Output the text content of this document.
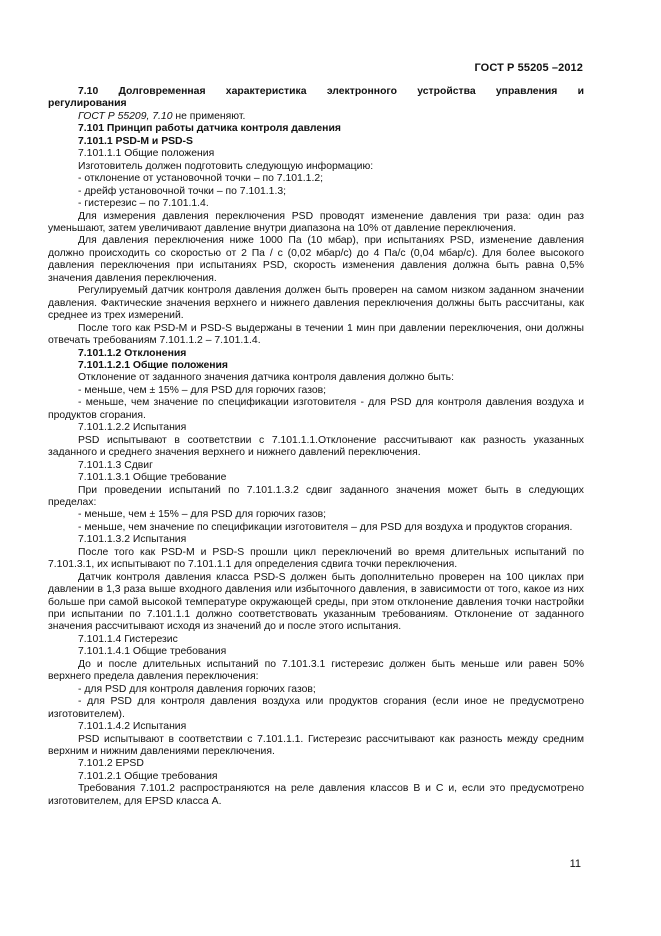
ГОСТ Р 55205 –2012
7.10 Долговременная характеристика электронного устройства управления и

регулирования

ГОСТ Р 55209, 7.10 не применяют.

7.101 Принцип работы датчика контроля давления

7.101.1 PSD-M и PSD-S

7.101.1.1 Общие положения

Изготовитель должен подготовить следующую информацию:

- отклонение от установочной точки – по 7.101.1.2;

- дрейф установочной точки – по 7.101.1.3;

- гистерезис – по 7.101.1.4.

Для измерения давления переключения PSD проводят изменение давления три раза: один раз уменьшают, затем увеличивают давление внутри диапазона на 10% от давление переключения.

Для давления переключения ниже 1000 Па (10 мбар), при испытаниях PSD, изменение давления должно происходить со скоростью от 2 Па / с (0,02 мбар/с) до 4 Па/с (0,04 мбар/с). Для более высокого давления переключения при испытаниях PSD, скорость изменения давления должна быть равна 0,5% значения давления переключения.

Регулируемый датчик контроля давления должен быть проверен на самом низком заданном значении давления. Фактические значения верхнего и нижнего давления переключения должны быть рассчитаны, как среднее из трех измерений.

После того как PSD-M и PSD-S выдержаны в течении 1 мин при давлении переключения, они должны отвечать требованиям 7.101.1.2 – 7.101.1.4.

7.101.1.2 Отклонения

7.101.1.2.1 Общие положения

Отклонение от заданного значения датчика контроля давления должно быть:

- меньше, чем ± 15% – для PSD для горючих газов;

- меньше, чем значение по спецификации изготовителя - для PSD для контроля давления воздуха и продуктов сгорания.

7.101.1.2.2 Испытания

PSD испытывают в соответствии с 7.101.1.1.Отклонение рассчитывают как разность указанных заданного и среднего значения верхнего и нижнего давлений переключения.

7.101.1.3 Сдвиг

7.101.1.3.1 Общие требование

При проведении испытаний по 7.101.1.3.2 сдвиг заданного значения может быть в следующих пределах:

- меньше, чем ± 15% – для PSD для горючих газов;

- меньше, чем значение по спецификации изготовителя – для PSD для воздуха и продуктов сгорания.

7.101.1.3.2 Испытания

После того как PSD-M и PSD-S прошли цикл переключений во время длительных испытаний по 7.101.3.1, их испытывают по 7.101.1.1 для определения сдвига точки переключения.

Датчик контроля давления класса PSD-S должен быть дополнительно проверен на 100 циклах при давлении в 1,3 раза выше входного давления или избыточного давления, в зависимости от того, какое из них больше при самой высокой температуре окружающей среды, при этом отклонение давления точки настройки при испытании по 7.101.1.1 должно соответствовать указанным требованиям. Отклонение от заданного значения рассчитывают исходя из значений до и после этого испытания.

7.101.1.4 Гистерезис

7.101.1.4.1 Общие требования

До и после длительных испытаний по 7.101.3.1 гистерезис должен быть меньше или равен 50% верхнего предела давления переключения:

- для PSD для контроля давления горючих газов;

- для PSD для контроля давления воздуха или продуктов сгорания (если иное не предусмотрено изготовителем).

7.101.1.4.2 Испытания

PSD испытывают в соответствии с 7.101.1.1. Гистерезис рассчитывают как разность между средним верхним и нижним давлениями переключения.

7.101.2 EPSD

7.101.2.1 Общие требования

Требования 7.101.2 распространяются на реле давления классов В и С и, если это предусмотрено изготовителем, для EPSD класса А.

11
